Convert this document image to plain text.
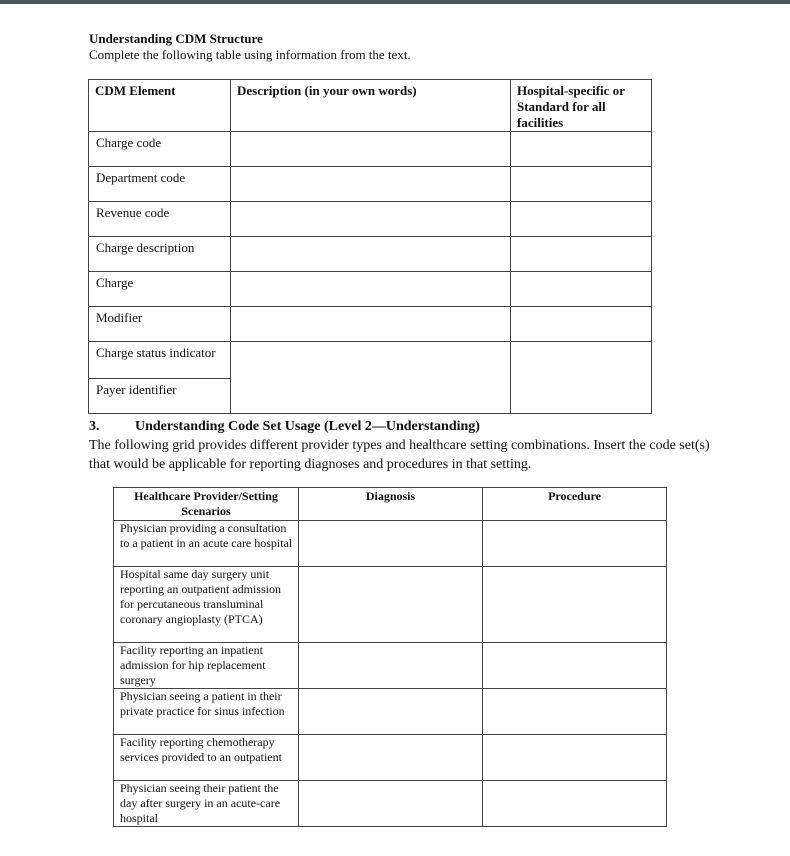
Understanding CDM Structure
Complete the following table using information from the text.
CDM Element	Description (in your own words)	Hospital-specific or Standard for all facilities
Charge code		
Department code		
Revenue code		
Charge description		
Charge		
Modifier		
Charge status indicator		
Payer identifier		
3.	Understanding Code Set Usage (Level 2—Understanding)
The following grid provides different provider types and healthcare setting combinations. Insert the code set(s) that would be applicable for reporting diagnoses and procedures in that setting.
Healthcare Provider/Setting Scenarios	Diagnosis	Procedure
Physician providing a consultation to a patient in an acute care hospital		
Hospital same day surgery unit reporting an outpatient admission for percutaneous transluminal coronary angioplasty (PTCA)		
Facility reporting an inpatient admission for hip replacement surgery		
Physician seeing a patient in their private practice for sinus infection		
Facility reporting chemotherapy services provided to an outpatient		
Physician seeing their patient the day after surgery in an acute-care hospital		
